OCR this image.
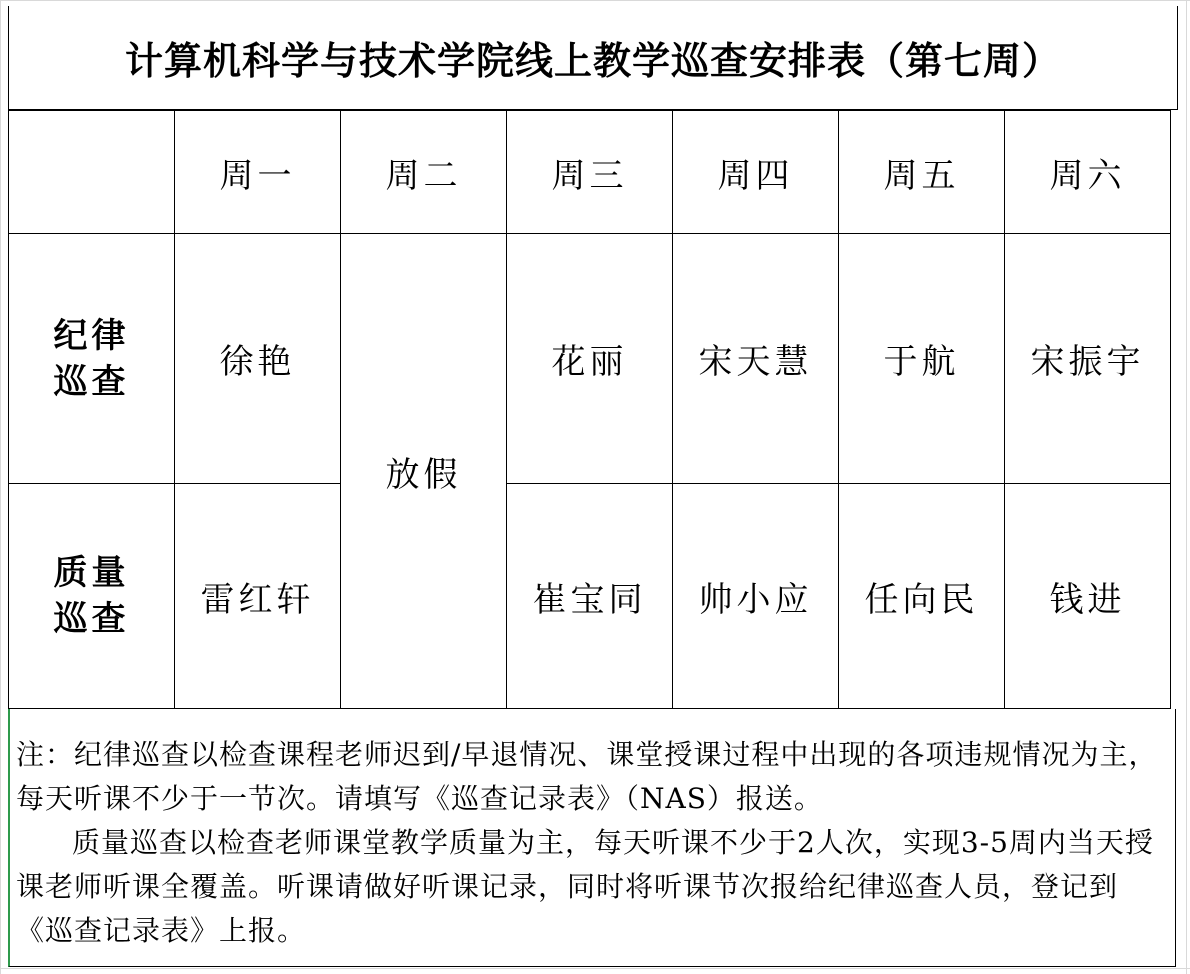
计算机科学与技术学院线上教学巡查安排表（第七周）
	周一	周二	周三	周四	周五	周六

纪律
巡查	徐艳	放假	花丽	宋天慧	于航	宋振宇

质量
巡查	雷红轩		崔宝同	帅小应	任向民	钱进

注：纪律巡查以检查课程老师迟到/早退情况、课堂授课过程中出现的各项违规情况为主，每天听课不少于一节次。请填写《巡查记录表》（NAS）报送。

质量巡查以检查老师课堂教学质量为主，每天听课不少于2人次，实现3-5周内当天授课老师听课全覆盖。听课请做好听课记录，同时将听课节次报给纪律巡查人员，登记到《巡查记录表》上报。
